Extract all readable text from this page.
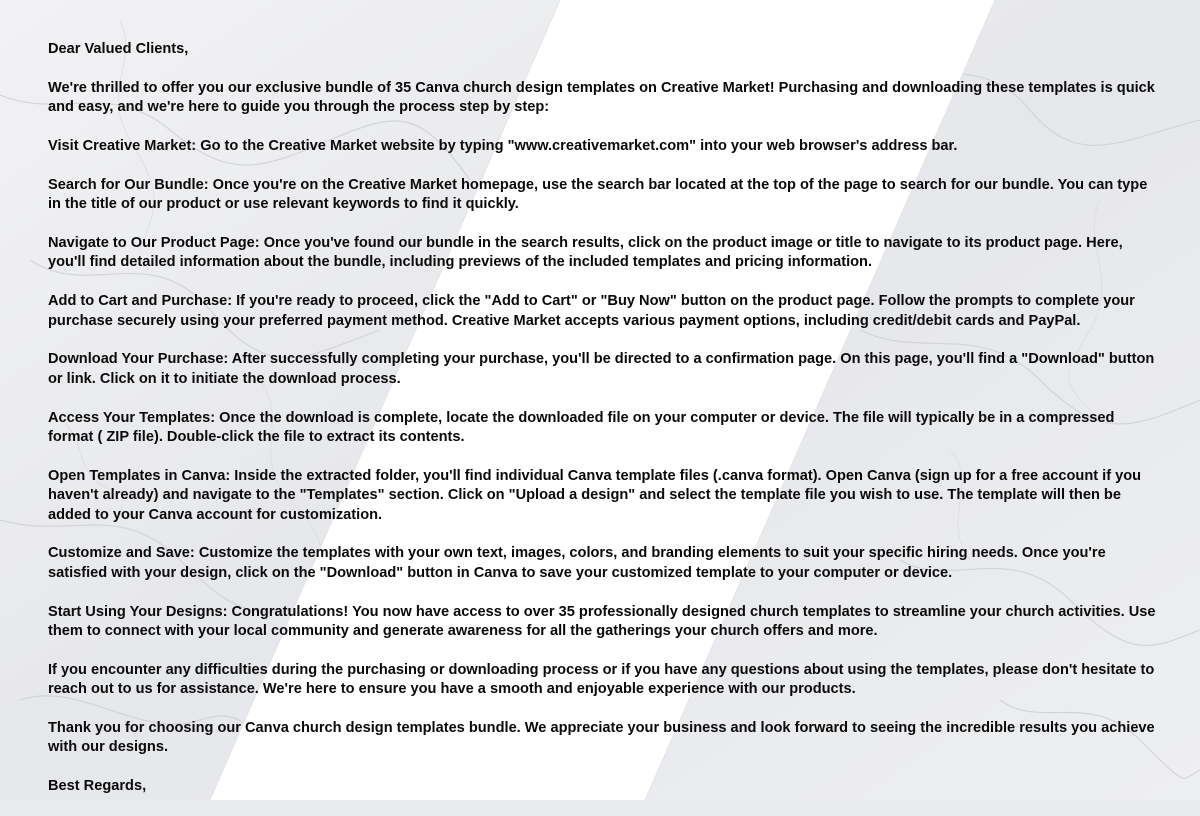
Dear Valued Clients,

We're thrilled to offer you our exclusive bundle of 35 Canva church design templates on Creative Market! Purchasing and downloading these templates is quick and easy, and we're here to guide you through the process step by step:

Visit Creative Market: Go to the Creative Market website by typing "www.creativemarket.com" into your web browser's address bar.

Search for Our Bundle: Once you're on the Creative Market homepage, use the search bar located at the top of the page to search for our bundle. You can type in the title of our product or use relevant keywords to find it quickly.

Navigate to Our Product Page: Once you've found our bundle in the search results, click on the product image or title to navigate to its product page. Here, you'll find detailed information about the bundle, including previews of the included templates and pricing information.

Add to Cart and Purchase: If you're ready to proceed, click the "Add to Cart" or "Buy Now" button on the product page. Follow the prompts to complete your purchase securely using your preferred payment method. Creative Market accepts various payment options, including credit/debit cards and PayPal.

Download Your Purchase: After successfully completing your purchase, you'll be directed to a confirmation page. On this page, you'll find a "Download" button or link. Click on it to initiate the download process.

Access Your Templates: Once the download is complete, locate the downloaded file on your computer or device. The file will typically be in a compressed format ( ZIP file). Double-click the file to extract its contents.

Open Templates in Canva: Inside the extracted folder, you'll find individual Canva template files (.canva format). Open Canva (sign up for a free account if you haven't already) and navigate to the "Templates" section. Click on "Upload a design" and select the template file you wish to use. The template will then be added to your Canva account for customization.

Customize and Save: Customize the templates with your own text, images, colors, and branding elements to suit your specific hiring needs. Once you're satisfied with your design, click on the "Download" button in Canva to save your customized template to your computer or device.

Start Using Your Designs: Congratulations! You now have access to over 35 professionally designed church templates to streamline your church activities. Use them to connect with your local community and generate awareness for all the gatherings your church offers and more.

If you encounter any difficulties during the purchasing or downloading process or if you have any questions about using the templates, please don't hesitate to reach out to us for assistance. We're here to ensure you have a smooth and enjoyable experience with our products.

Thank you for choosing our Canva church design templates bundle. We appreciate your business and look forward to seeing the incredible results you achieve with our designs.

Best Regards,
